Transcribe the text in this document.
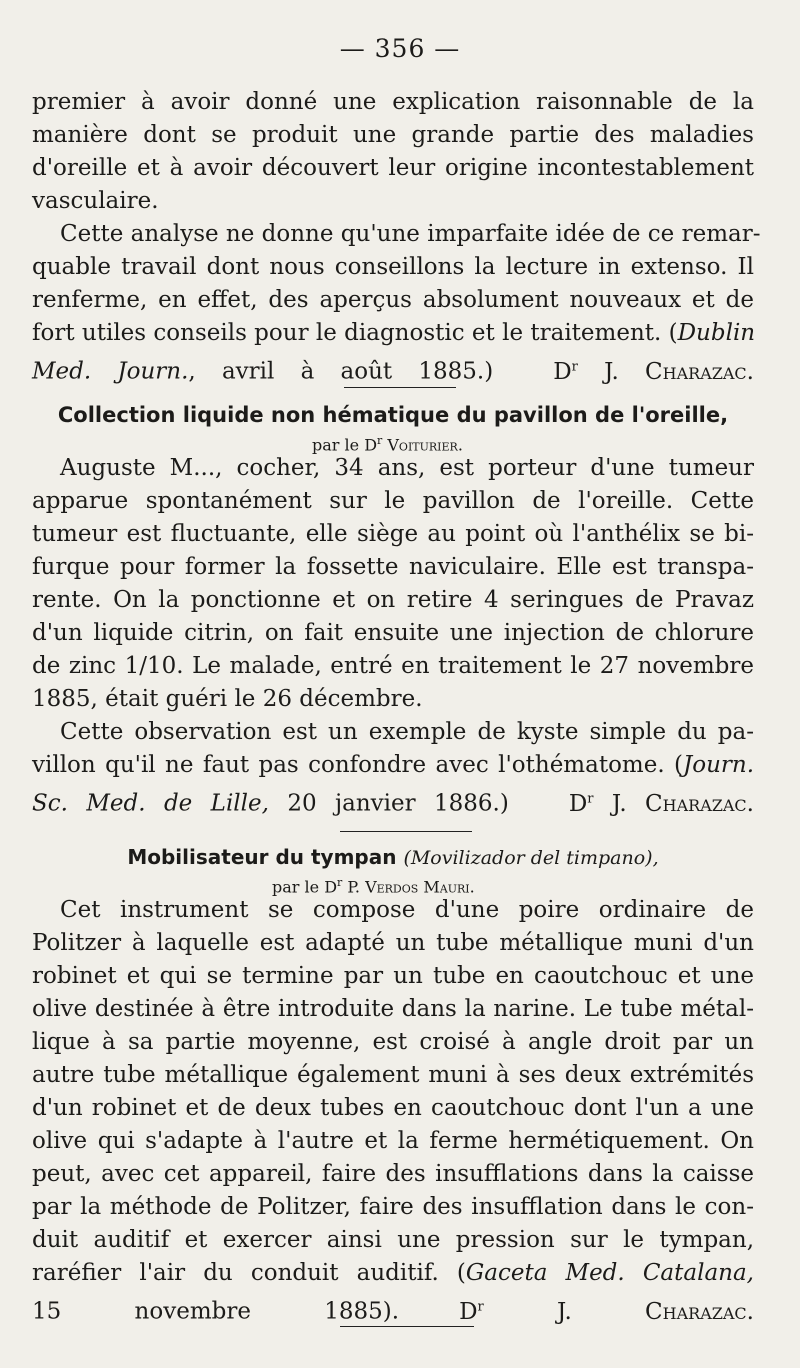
— 356 —
premier à avoir donné une explication raisonnable de la
manière dont se produit une grande partie des maladies
d'oreille et à avoir découvert leur origine incontestablement
vasculaire.
Cette analyse ne donne qu'une imparfaite idée de ce remar-
quable travail dont nous conseillons la lecture in extenso. Il
renferme, en effet, des aperçus absolument nouveaux et de
fort utiles conseils pour le diagnostic et le traitement. (Dublin
Med. Journ., avril à août 1885.)	$D^r$ J. Charazac.
Collection liquide non hématique du pavillon de l'oreille,
par le $D^r$ Voiturier.
Auguste M..., cocher, 34 ans, est porteur d'une tumeur
apparue spontanément sur le pavillon de l'oreille. Cette
tumeur est fluctuante, elle siège au point où l'anthélix se bi-
furque pour former la fossette naviculaire. Elle est transpa-
rente. On la ponctionne et on retire 4 seringues de Pravaz
d'un liquide citrin, on fait ensuite une injection de chlorure
de zinc 1/10. Le malade, entré en traitement le 27 novembre
1885, était guéri le 26 décembre.
Cette observation est un exemple de kyste simple du pa-
villon qu'il ne faut pas confondre avec l'othématome. (Journ.
Sc. Med. de Lille, 20 janvier 1886.)	$D^r$ J. Charazac.
Mobilisateur du tympan (Movilizador del timpano),
par le $D^r$ P. Verdos Mauri.
Cet instrument se compose d'une poire ordinaire de
Politzer à laquelle est adapté un tube métallique muni d'un
robinet et qui se termine par un tube en caoutchouc et une
olive destinée à être introduite dans la narine. Le tube métal-
lique à sa partie moyenne, est croisé à angle droit par un
autre tube métallique également muni à ses deux extrémités
d'un robinet et de deux tubes en caoutchouc dont l'un a une
olive qui s'adapte à l'autre et la ferme hermétiquement. On
peut, avec cet appareil, faire des insufflations dans la caisse
par la méthode de Politzer, faire des insufflation dans le con-
duit auditif et exercer ainsi une pression sur le tympan,
raréfier l'air du conduit auditif. (Gaceta Med. Catalana,
15 novembre 1885).	$D^r$ J. Charazac.
